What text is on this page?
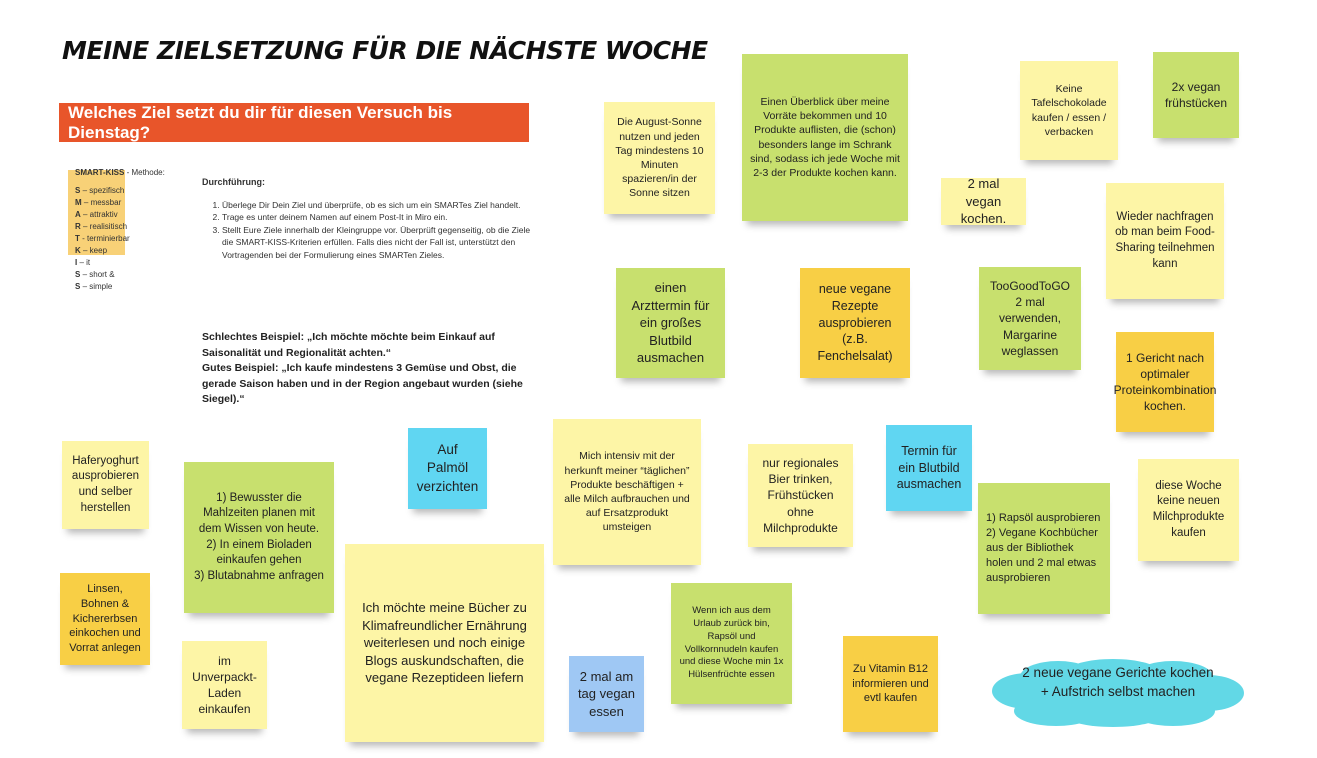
MEINE ZIELSETZUNG FÜR DIE NÄCHSTE WOCHE
Welches Ziel setzt du dir für diesen Versuch bis Dienstag?
SMART-KISS - Methode:
S – spezifisch
M – messbar
A – attraktiv
R – realisitisch
T - terminierbar
K – keep
I – it
S – short &
S – simple
Durchführung:
1. Überlege Dir Dein Ziel und überprüfe, ob es sich um ein SMARTes Ziel handelt.
2. Trage es unter deinem Namen auf einem Post-It in Miro ein.
3. Stellt Eure Ziele innerhalb der Kleingruppe vor. Überprüft gegenseitig, ob die Ziele die SMART-KISS-Kriterien erfüllen. Falls dies nicht der Fall ist, unterstützt den Vortragenden bei der Formulierung eines SMARTen Zieles.
Schlechtes Beispiel: „Ich möchte möchte beim Einkauf auf Saisonalität und Regionalität achten.“
Gutes Beispiel: „Ich kaufe mindestens 3 Gemüse und Obst, die gerade Saison haben und in der Region angebaut wurden (siehe Siegel).“
Die August-Sonne nutzen und jeden Tag mindestens 10 Minuten spazieren/in der Sonne sitzen
Einen Überblick über meine Vorräte bekommen und 10 Produkte auflisten, die (schon) besonders lange im Schrank sind, sodass ich jede Woche mit 2-3 der Produkte kochen kann.
Keine Tafelschokolade kaufen / essen / verbacken
2x vegan frühstücken
2 mal vegan kochen.	Wieder nachfragen ob man beim Food-Sharing teilnehmen kann
einen Arzttermin für ein großes Blutbild ausmachen
neue vegane Rezepte ausprobieren (z.B. Fenchelsalat)
TooGoodToGO 2 mal verwenden, Margarine weglassen	1 Gericht nach optimaler Proteinkombination kochen.
Haferyoghurt ausprobieren und selber herstellen
Auf Palmöl verzichten
Mich intensiv mit der herkunft meiner “täglichen” Produkte beschäftigen + alle Milch aufbrauchen und auf Ersatzprodukt umsteigen
nur regionales Bier trinken, Frühstücken ohne Milchprodukte
Termin für ein Blutbild ausmachen	diese Woche keine neuen Milchprodukte kaufen
1) Bewusster die Mahlzeiten planen mit dem Wissen von heute.
2) In einem Bioladen einkaufen gehen
3) Blutabnahme anfragen
1) Rapsöl ausprobieren
2) Vegane Kochbücher aus der Bibliothek holen und 2 mal etwas ausprobieren
Linsen, Bohnen & Kichererbsen einkochen und Vorrat anlegen
Ich möchte meine Bücher zu Klimafreundlicher Ernährung weiterlesen und noch einige Blogs auskundschaften, die vegane Rezeptideen liefern
im Unverpackt-Laden einkaufen
2 mal am tag vegan essen
Wenn ich aus dem Urlaub zurück bin, Rapsöl und Vollkornnudeln kaufen und diese Woche min 1x Hülsenfrüchte essen	Zu Vitamin B12 informieren und evtl kaufen
2 neue vegane Gerichte kochen + Aufstrich selbst machen
